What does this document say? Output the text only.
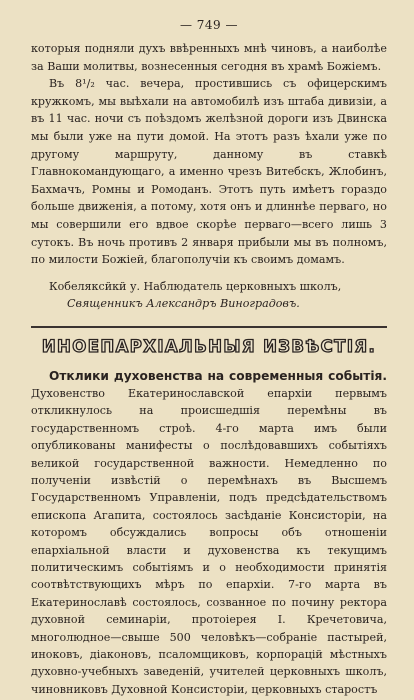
— 749 —

которыя подняли духъ ввѣренныхъ мнѣ чиновъ, а наиболѣе за Ваши молитвы, вознесенныя сегодня въ храмѣ Божіемъ.

Въ 8¹/₂ час. вечера, простившись съ офицерскимъ кружкомъ, мы выѣхали на автомобилѣ изъ штаба дивизіи, а въ 11 час. ночи съ поѣздомъ желѣзной дороги изъ Двинска мы были уже на пути домой. На этотъ разъ ѣхали уже по другому маршруту, данному въ ставкѣ Главнокомандующаго, а именно чрезъ Витебскъ, Жлобинъ, Бахмачъ, Ромны и Ромоданъ. Этотъ путь имѣетъ гораздо больше движенія, а потому, хотя онъ и длиннѣе перваго, но мы совершили его вдвое скорѣе перваго—всего лишь 3 сутокъ. Въ ночь противъ 2 января прибыли мы въ полномъ, по милости Божіей, благополучіи къ своимъ домамъ.

Кобеляксйкй у. Наблюдатель церковныхъ школъ,
Священникъ Александръ Виноградовъ.
ИНОЕПАРХІАЛЬНЫЯ ИЗВѢСТІЯ.

Отклики духовенства на современныя событія. Духовенство Екатеринославской епархіи первымъ откликнулось на происшедшія перемѣны въ государственномъ строѣ. 4-го марта имъ были опубликованы манифесты о послѣдовавшихъ событіяхъ великой государственной важности. Немедленно по полученіи извѣстій о перемѣнахъ въ Высшемъ Государственномъ Управленіи, подъ предсѣдательствомъ епископа Агапита, состоялось засѣданіе Консисторіи, на которомъ обсуждались вопросы объ отношеніи епархіальной власти и духовенства къ текущимъ политическимъ событіямъ и о необходимости принятія соотвѣтствующихъ мѣръ по епархіи. 7-го марта въ Екатеринославѣ состоялось, созванное по почину ректора духовной семинаріи, протоіерея І. Кречетовича, многолюдное—свыше 500 человѣкъ—собраніе пастырей, иноковъ, діаконовъ, псаломщиковъ, корпорацій мѣстныхъ духовно-учебныхъ заведеній, учителей церковныхъ школъ, чиновниковъ Духовной Консисторіи, церковныхъ старостъ
